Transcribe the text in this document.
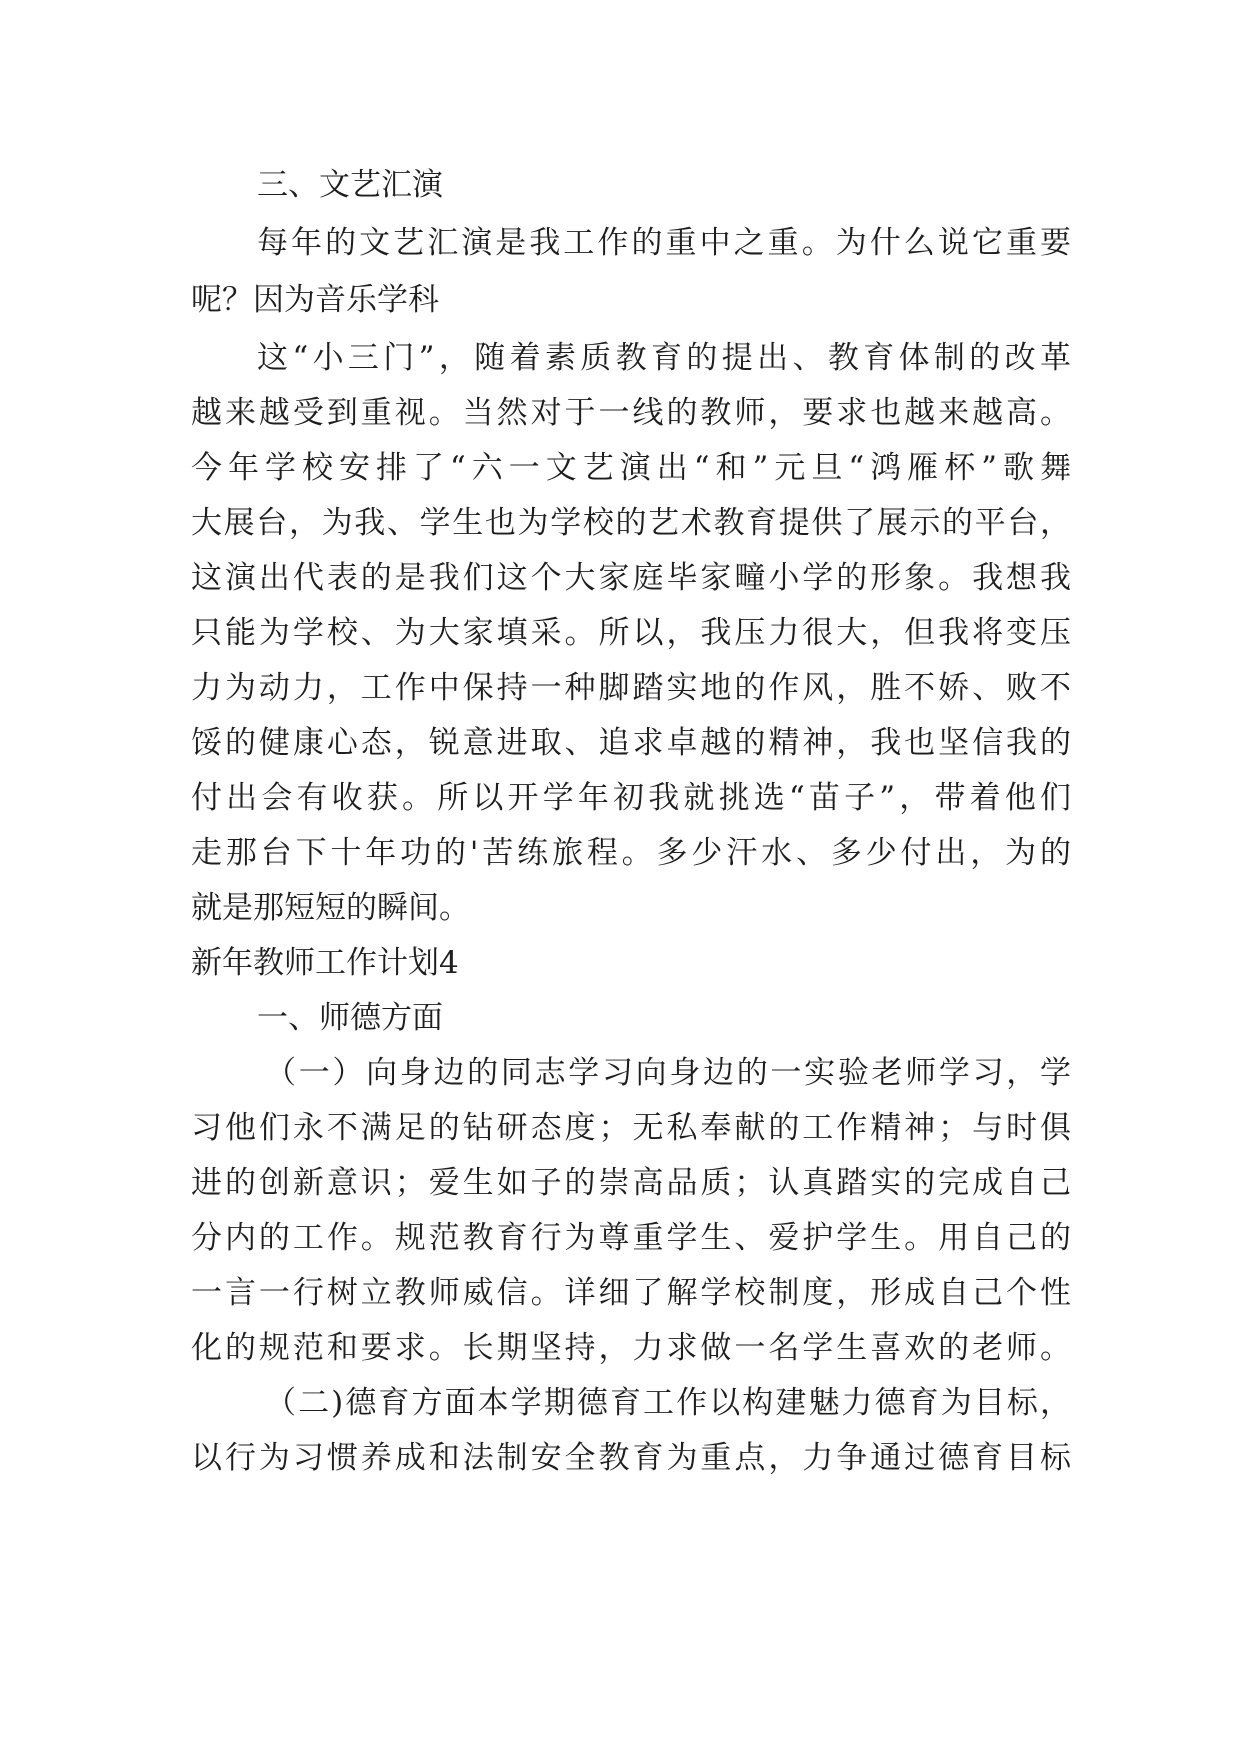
三、文艺汇演
每年的文艺汇演是我工作的重中之重。为什么说它重要
呢？因为音乐学科
这“小三门”，随着素质教育的提出、教育体制的改革
越来越受到重视。当然对于一线的教师，要求也越来越高。
今年学校安排了“六一文艺演出“和”元旦“鸿雁杯”歌舞
大展台，为我、学生也为学校的艺术教育提供了展示的平台，
这演出代表的是我们这个大家庭毕家疃小学的形象。我想我
只能为学校、为大家填采。所以，我压力很大，但我将变压
力为动力，工作中保持一种脚踏实地的作风，胜不娇、败不
馁的健康心态，锐意进取、追求卓越的精神，我也坚信我的
付出会有收获。所以开学年初我就挑选“苗子”，带着他们
走那台下十年功的'苦练旅程。多少汗水、多少付出，为的
就是那短短的瞬间。
新年教师工作计划4
一、师德方面
（一）向身边的同志学习向身边的一实验老师学习，学
习他们永不满足的钻研态度；无私奉献的工作精神；与时俱
进的创新意识；爱生如子的崇高品质；认真踏实的完成自己
分内的工作。规范教育行为尊重学生、爱护学生。用自己的
一言一行树立教师威信。详细了解学校制度，形成自己个性
化的规范和要求。长期坚持，力求做一名学生喜欢的老师。
（二)德育方面本学期德育工作以构建魅力德育为目标，
以行为习惯养成和法制安全教育为重点，力争通过德育目标
